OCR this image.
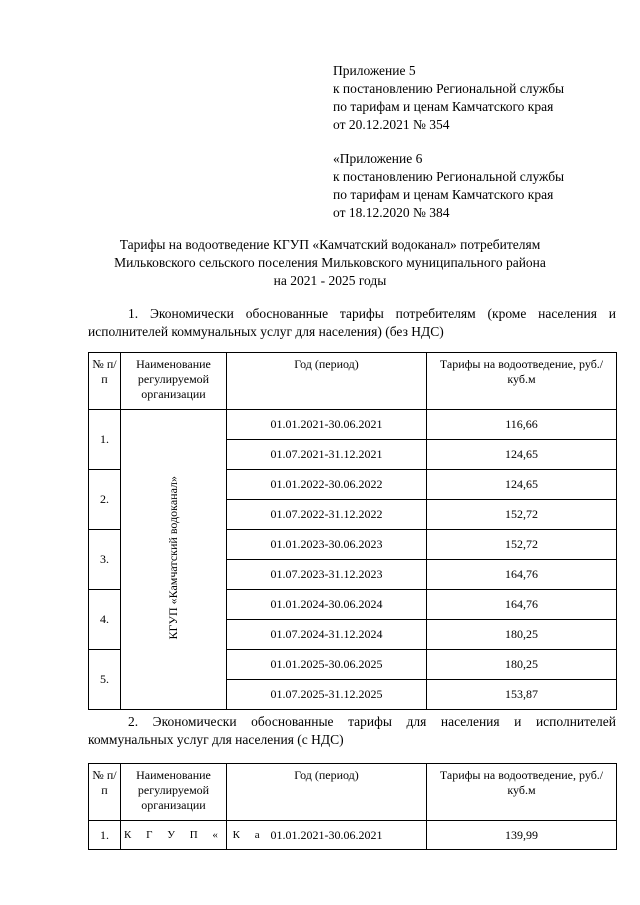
Приложение 5
к постановлению Региональной службы
по тарифам и ценам Камчатского края
от 20.12.2021 № 354
«Приложение 6
к постановлению Региональной службы
по тарифам и ценам Камчатского края
от 18.12.2020 № 384
Тарифы на водоотведение КГУП «Камчатский водоканал» потребителям
Мильковского сельского поселения Мильковского муниципального района
на 2021 - 2025 годы
1. Экономически обоснованные тарифы потребителям (кроме населения и исполнителей коммунальных услуг для населения) (без НДС)
№ п/п	Наименование регулируемой организации	Год (период)	Тарифы на водоотведение, руб./куб.м
1.	КГУП «Камчатский водоканал»	01.01.2021-30.06.2021	116,66
		01.07.2021-31.12.2021	124,65
2.		01.01.2022-30.06.2022	124,65
		01.07.2022-31.12.2022	152,72
3.		01.01.2023-30.06.2023	152,72
		01.07.2023-31.12.2023	164,76
4.		01.01.2024-30.06.2024	164,76
		01.07.2024-31.12.2024	180,25
5.		01.01.2025-30.06.2025	180,25
		01.07.2025-31.12.2025	153,87
2. Экономически обоснованные тарифы для населения и исполнителей коммунальных услуг для населения (с НДС)
№ п/п	Наименование регулируемой организации	Год (период)	Тарифы на водоотведение, руб./куб.м
1.	К Г У П « К а	01.01.2021-30.06.2021	139,99
